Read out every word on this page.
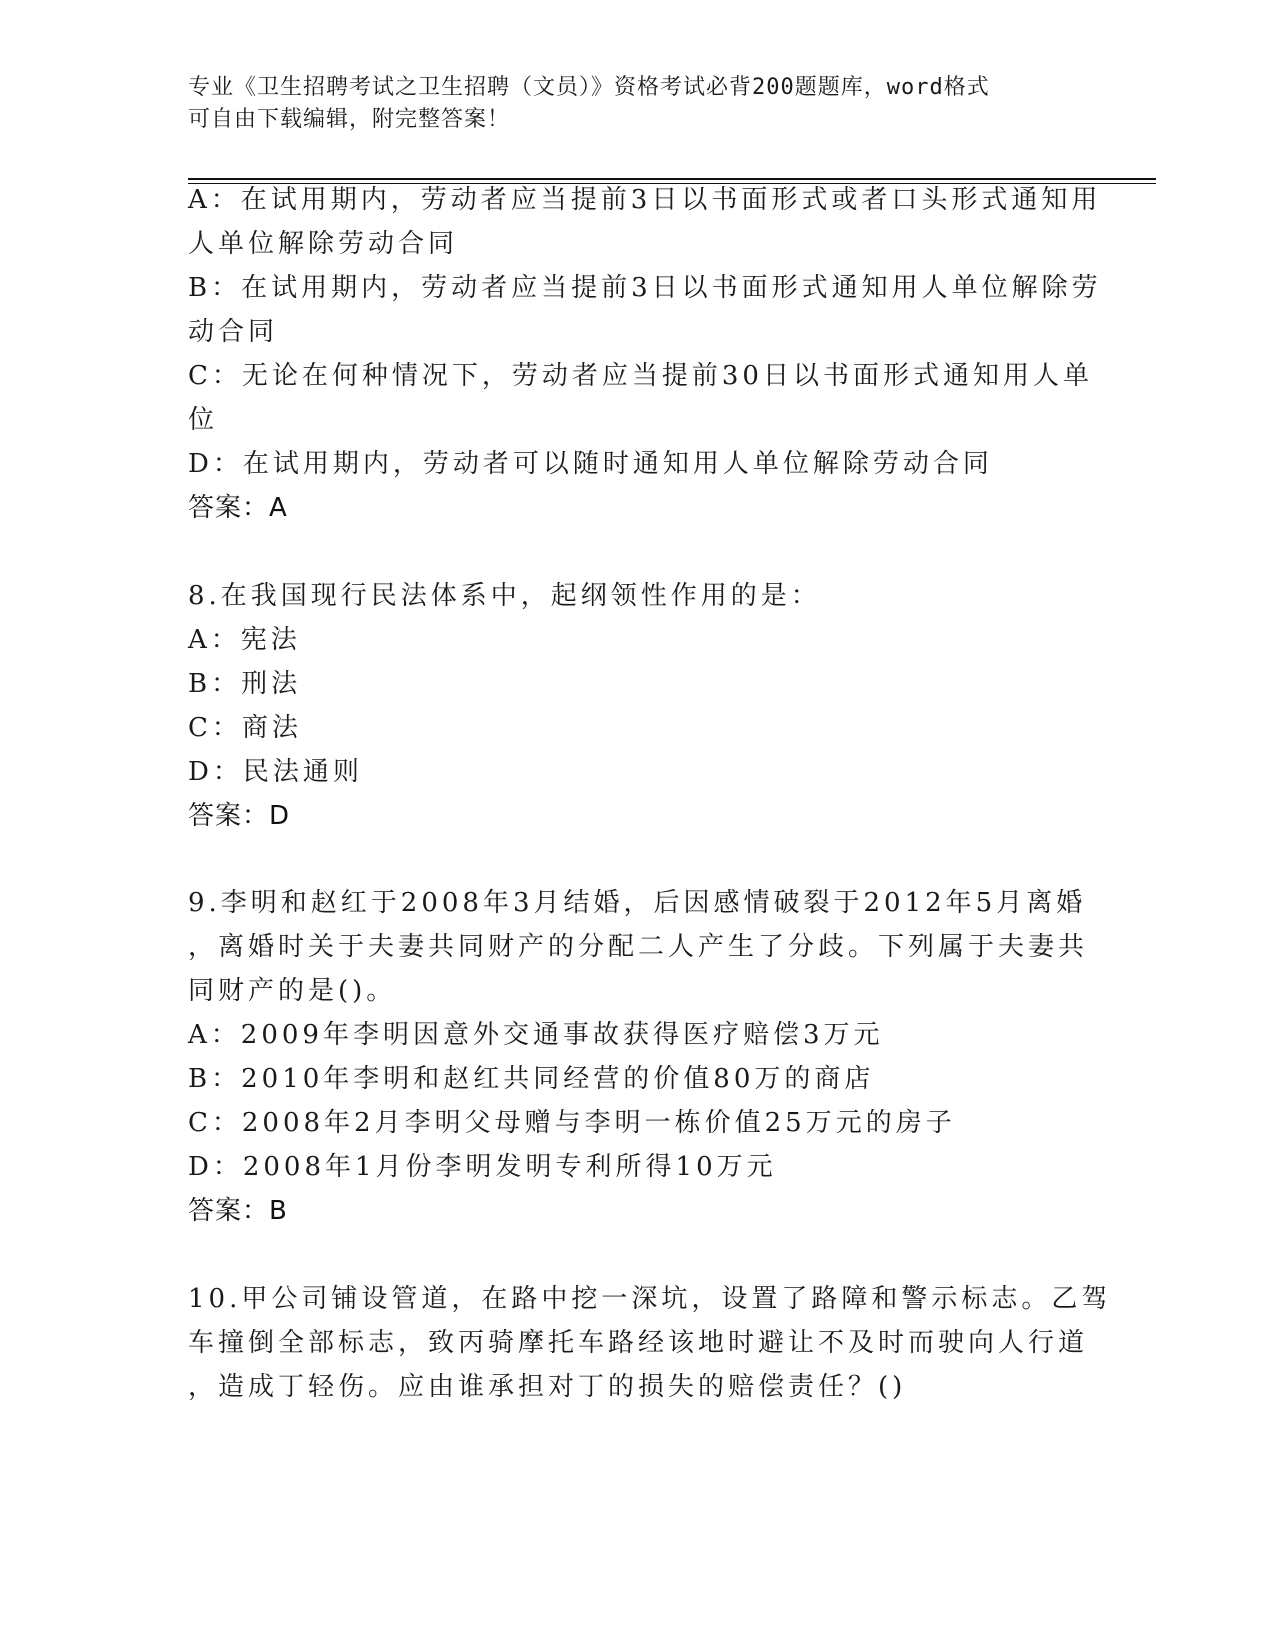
专业《卫生招聘考试之卫生招聘（文员）》资格考试必背200题题库，word格式
可自由下载编辑，附完整答案！
A：在试用期内，劳动者应当提前3日以书面形式或者口头形式通知用
人单位解除劳动合同
B：在试用期内，劳动者应当提前3日以书面形式通知用人单位解除劳
动合同
C：无论在何种情况下，劳动者应当提前30日以书面形式通知用人单
位
D：在试用期内，劳动者可以随时通知用人单位解除劳动合同
答案：A
8.在我国现行民法体系中，起纲领性作用的是：
A：宪法
B：刑法
C：商法
D：民法通则
答案：D
9.李明和赵红于2008年3月结婚，后因感情破裂于2012年5月离婚
，离婚时关于夫妻共同财产的分配二人产生了分歧。下列属于夫妻共
同财产的是()。
A：2009年李明因意外交通事故获得医疗赔偿3万元
B：2010年李明和赵红共同经营的价值80万的商店
C：2008年2月李明父母赠与李明一栋价值25万元的房子
D：2008年1月份李明发明专利所得10万元
答案：B
10.甲公司铺设管道，在路中挖一深坑，设置了路障和警示标志。乙驾
车撞倒全部标志，致丙骑摩托车路经该地时避让不及时而驶向人行道
，造成丁轻伤。应由谁承担对丁的损失的赔偿责任？()
